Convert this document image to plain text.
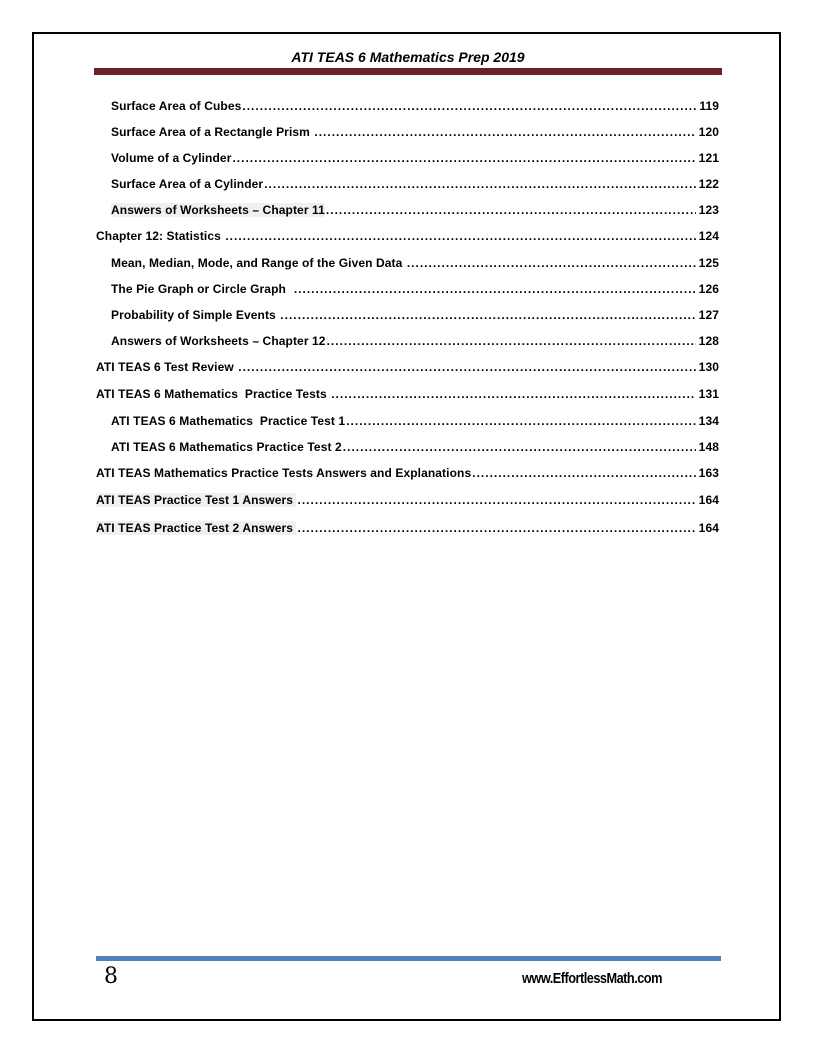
ATI TEAS 6 Mathematics Prep 2019
Surface Area of Cubes .....	119
Surface Area of a Rectangle Prism .....	120
Volume of a Cylinder .....	121
Surface Area of a Cylinder .....	122
Answers of Worksheets – Chapter 11 .....	123
Chapter 12: Statistics .....	124
Mean, Median, Mode, and Range of the Given Data .....	125
The Pie Graph or Circle Graph .....	126
Probability of Simple Events .....	127
Answers of Worksheets – Chapter 12 .....	128
ATI TEAS 6 Test Review .....	130
ATI TEAS 6 Mathematics  Practice Tests .....	131
ATI TEAS 6 Mathematics  Practice Test 1 .....	134
ATI TEAS 6 Mathematics Practice Test 2 .....	148
ATI TEAS Mathematics Practice Tests Answers and Explanations .....	163
ATI TEAS Practice Test 1 Answers .....	164
ATI TEAS Practice Test 2 Answers .....	164
8	www.EffortlessMath.com
